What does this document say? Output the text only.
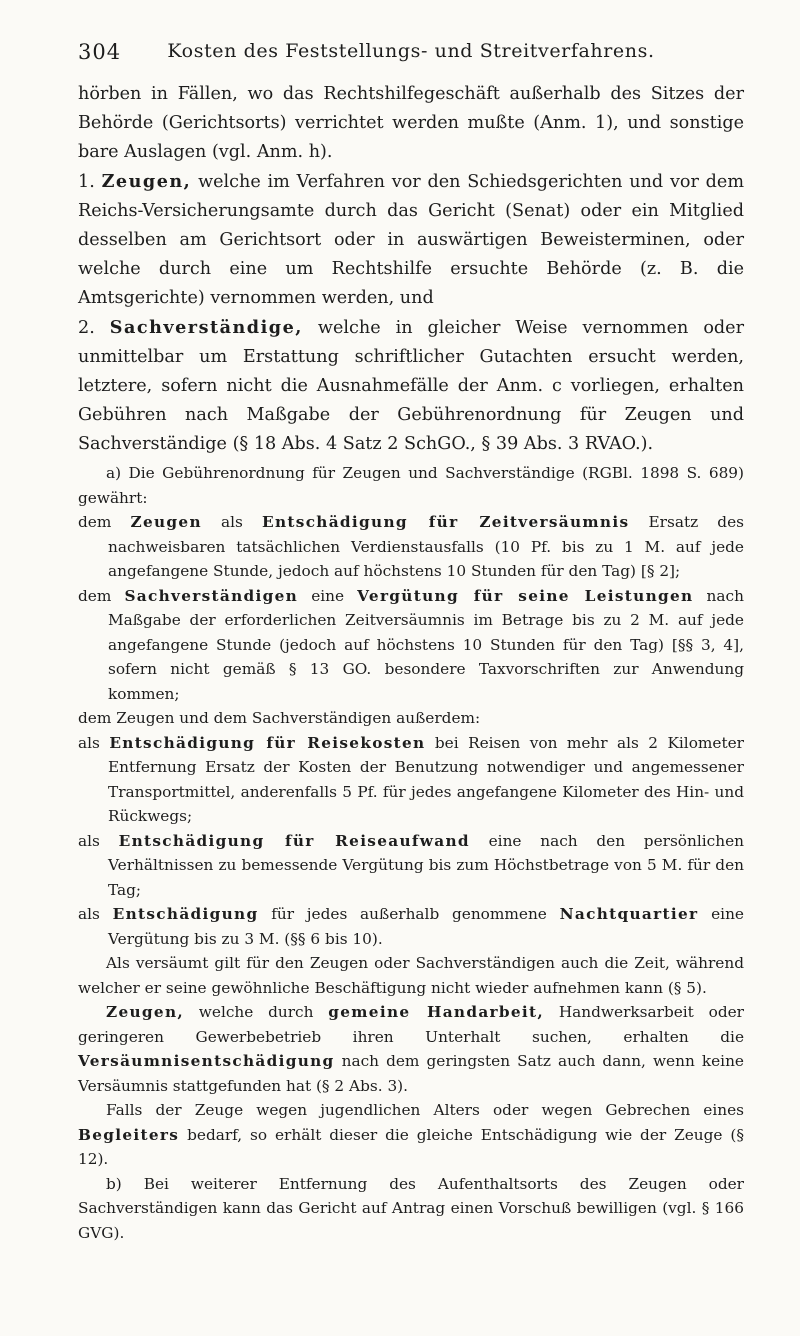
304	Kosten des Feststellungs- und Streitverfahrens.

hörben in Fällen, wo das Rechtshilfegeschäft außerhalb des Sitzes der Behörde (Gerichtsorts) verrichtet werden mußte (Anm. 1), und sonstige bare Auslagen (vgl. Anm. h).

1. Zeugen, welche im Verfahren vor den Schiedsgerichten und vor dem Reichs-Versicherungsamte durch das Gericht (Senat) oder ein Mitglied desselben am Gerichtsort oder in auswärtigen Beweisterminen, oder welche durch eine um Rechtshilfe ersuchte Behörde (z. B. die Amtsgerichte) vernommen werden, und

2. Sachverständige, welche in gleicher Weise vernommen oder unmittelbar um Erstattung schriftlicher Gutachten ersucht werden, letztere, sofern nicht die Ausnahmefälle der Anm. c vorliegen, erhalten Gebühren nach Maßgabe der Gebührenordnung für Zeugen und Sachverständige (§ 18 Abs. 4 Satz 2 SchGO., § 39 Abs. 3 RVAO.).

a) Die Gebührenordnung für Zeugen und Sachverständige (RGBl. 1898 S. 689) gewährt:

dem Zeugen als Entschädigung für Zeitversäumnis Ersatz des nachweisbaren tatsächlichen Verdienstausfalls (10 Pf. bis zu 1 M. auf jede angefangene Stunde, jedoch auf höchstens 10 Stunden für den Tag) [§ 2];

dem Sachverständigen eine Vergütung für seine Leistungen nach Maßgabe der erforderlichen Zeitversäumnis im Betrage bis zu 2 M. auf jede angefangene Stunde (jedoch auf höchstens 10 Stunden für den Tag) [§§ 3, 4], sofern nicht gemäß § 13 GO. besondere Taxvorschriften zur Anwendung kommen;

dem Zeugen und dem Sachverständigen außerdem:

als Entschädigung für Reisekosten bei Reisen von mehr als 2 Kilometer Entfernung Ersatz der Kosten der Benutzung notwendiger und angemessener Transportmittel, anderenfalls 5 Pf. für jedes angefangene Kilometer des Hin- und Rückwegs;

als Entschädigung für Reiseaufwand eine nach den persönlichen Verhältnissen zu bemessende Vergütung bis zum Höchstbetrage von 5 M. für den Tag;

als Entschädigung für jedes außerhalb genommene Nachtquartier eine Vergütung bis zu 3 M. (§§ 6 bis 10).

Als versäumt gilt für den Zeugen oder Sachverständigen auch die Zeit, während welcher er seine gewöhnliche Beschäftigung nicht wieder aufnehmen kann (§ 5).

Zeugen, welche durch gemeine Handarbeit, Handwerksarbeit oder geringeren Gewerbebetrieb ihren Unterhalt suchen, erhalten die Versäumnisentschädigung nach dem geringsten Satz auch dann, wenn keine Versäumnis stattgefunden hat (§ 2 Abs. 3).

Falls der Zeuge wegen jugendlichen Alters oder wegen Gebrechen eines Begleiters bedarf, so erhält dieser die gleiche Entschädigung wie der Zeuge (§ 12).

b) Bei weiterer Entfernung des Aufenthaltsorts des Zeugen oder Sachverständigen kann das Gericht auf Antrag einen Vorschuß bewilligen (vgl. § 166 GVG).
